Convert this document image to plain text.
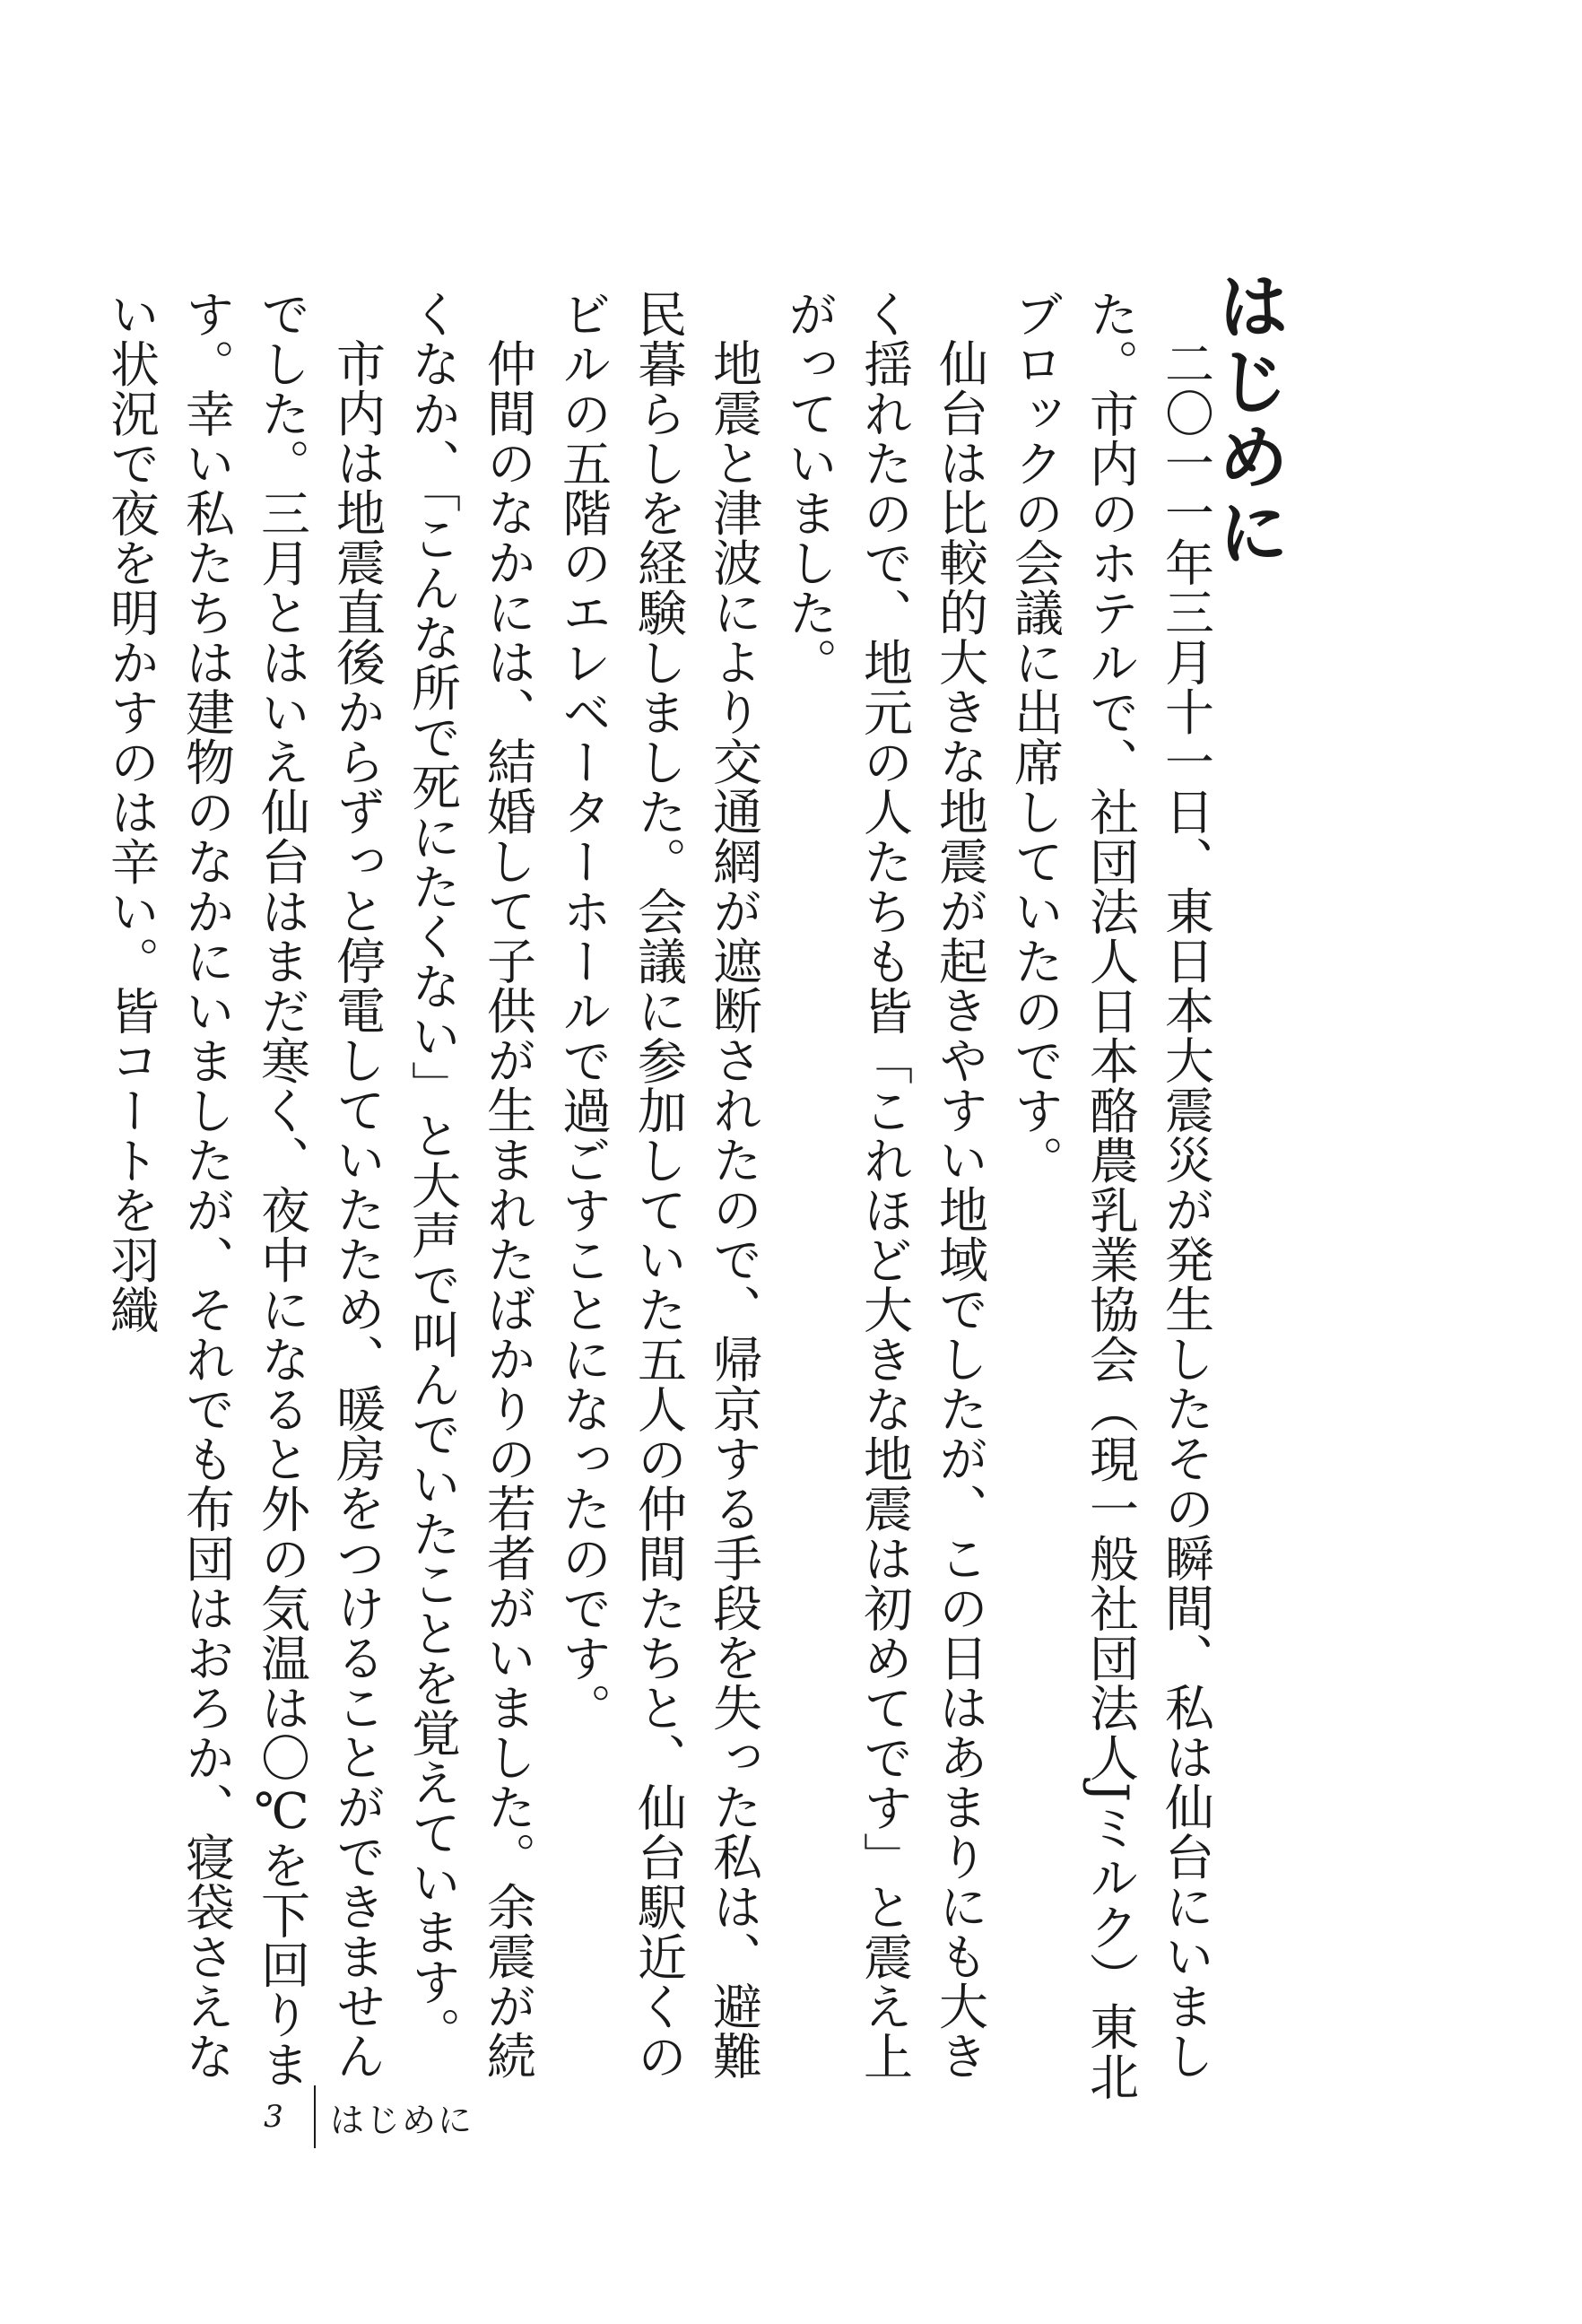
はじめに

二〇一一年三月十一日、東日本大震災が発生したその瞬間、私は仙台にいました。市内のホテルで、社団法人日本酪農乳業協会（現一般社団法人Jミルク）東北ブロックの会議に出席していたのです。

仙台は比較的大きな地震が起きやすい地域でしたが、この日はあまりにも大きく揺れたので、地元の人たちも皆「これほど大きな地震は初めてです」と震え上がっていました。

地震と津波により交通網が遮断されたので、帰京する手段を失った私は、避難民暮らしを経験しました。会議に参加していた五人の仲間たちと、仙台駅近くのビルの五階のエレベーターホールで過ごすことになったのです。

仲間のなかには、結婚して子供が生まれたばかりの若者がいました。余震が続くなか、「こんな所で死にたくない」と大声で叫んでいたことを覚えています。

市内は地震直後からずっと停電していたため、暖房をつけることができませんでした。三月とはいえ仙台はまだ寒く、夜中になると外の気温は〇℃を下回ります。幸い私たちは建物のなかにいましたが、それでも布団はおろか、寝袋さえない状況で夜を明かすのは辛い。皆コートを羽織

3	はじめに
